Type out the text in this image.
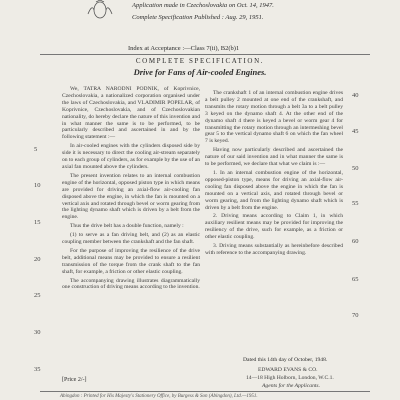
Application made in Czechoslovakia on Oct. 14, 1947.
Complete Specification Published : Aug. 29, 1951.
Index at Acceptance :—Class 7(ii), B2(b)1
COMPLETE SPECIFICATION.
Drive for Fans of Air-cooled Engines.

We, TATRA NARODNI PODNIK, of Koprivnice, Czechoslovakia, a nationalized corporation organised under the laws of Czechoslovakia, and VLADIMIR POPELAR, of Koprivnice, Czechoslovakia, and of Czechoslovakian nationality, do hereby declare the nature of this invention and in what manner the same is to be performed, to be particularly described and ascertained in and by the following statement :—

In air-cooled engines with the cylinders disposed side by side it is necessary to direct the cooling air-stream separately on to each group of cylinders, as for example by the use of an axial fan mounted above the cylinders.

The present invention relates to an internal combustion engine of the horizontal, opposed piston type in which means are provided for driving an axial-flow air-cooling fan disposed above the engine, in which the fan is mounted on a vertical axis and rotated through bevel or worm gearing from the lighting dynamo shaft which is driven by a belt from the engine.

Thus the drive belt has a double function, namely :

(1) to serve as a fan driving belt, and (2) as an elastic coupling member between the crankshaft and the fan shaft.

For the purpose of improving the resilience of the drive belt, additional means may be provided to ensure a resilient transmission of the torque from the crank shaft to the fan shaft, for example, a friction or other elastic coupling.

The accompanying drawing illustrates diagrammatically one construction of driving means according to the invention.

The crankshaft 1 of an internal combustion engine drives a belt pulley 2 mounted at one end of the crankshaft, and transmits the rotary motion through a belt 3a to a belt pulley 3 keyed on the dynamo shaft 4. At the other end of the dynamo shaft 4 there is keyed a bevel or worm gear 4 for transmitting the rotary motion through an intermeshing bevel gear 5 to the vertical dynamo shaft 6 on which the fan wheel 7 is keyed.

Having now particularly described and ascertained the nature of our said invention and in what manner the same is to be performed, we declare that what we claim is :—

1. In an internal combustion engine of the horizontal, opposed-piston type, means for driving an axial-flow air-cooling fan disposed above the engine in which the fan is mounted on a vertical axis, and rotated through bevel or worm gearing, and from the lighting dynamo shaft which is driven by a belt from the engine.

2. Driving means according to Claim 1, in which auxiliary resilient means may be provided for improving the resiliency of the drive, such for example, as a friction or other elastic coupling.

3. Driving means substantially as hereinbefore described with reference to the accompanying drawing.

5
10
15
20
25
30
35
40
45
50
55
60
65
70
Dated this 14th day of October, 1948.
EDWARD EVANS & CO.
14—18 High Holborn, London, W.C.1.
Agents for the Applicants.
[Price 2/-]
Abingdon : Printed for His Majesty's Stationery Office, by Burgess & Son (Abingdon), Ltd.—1951.
